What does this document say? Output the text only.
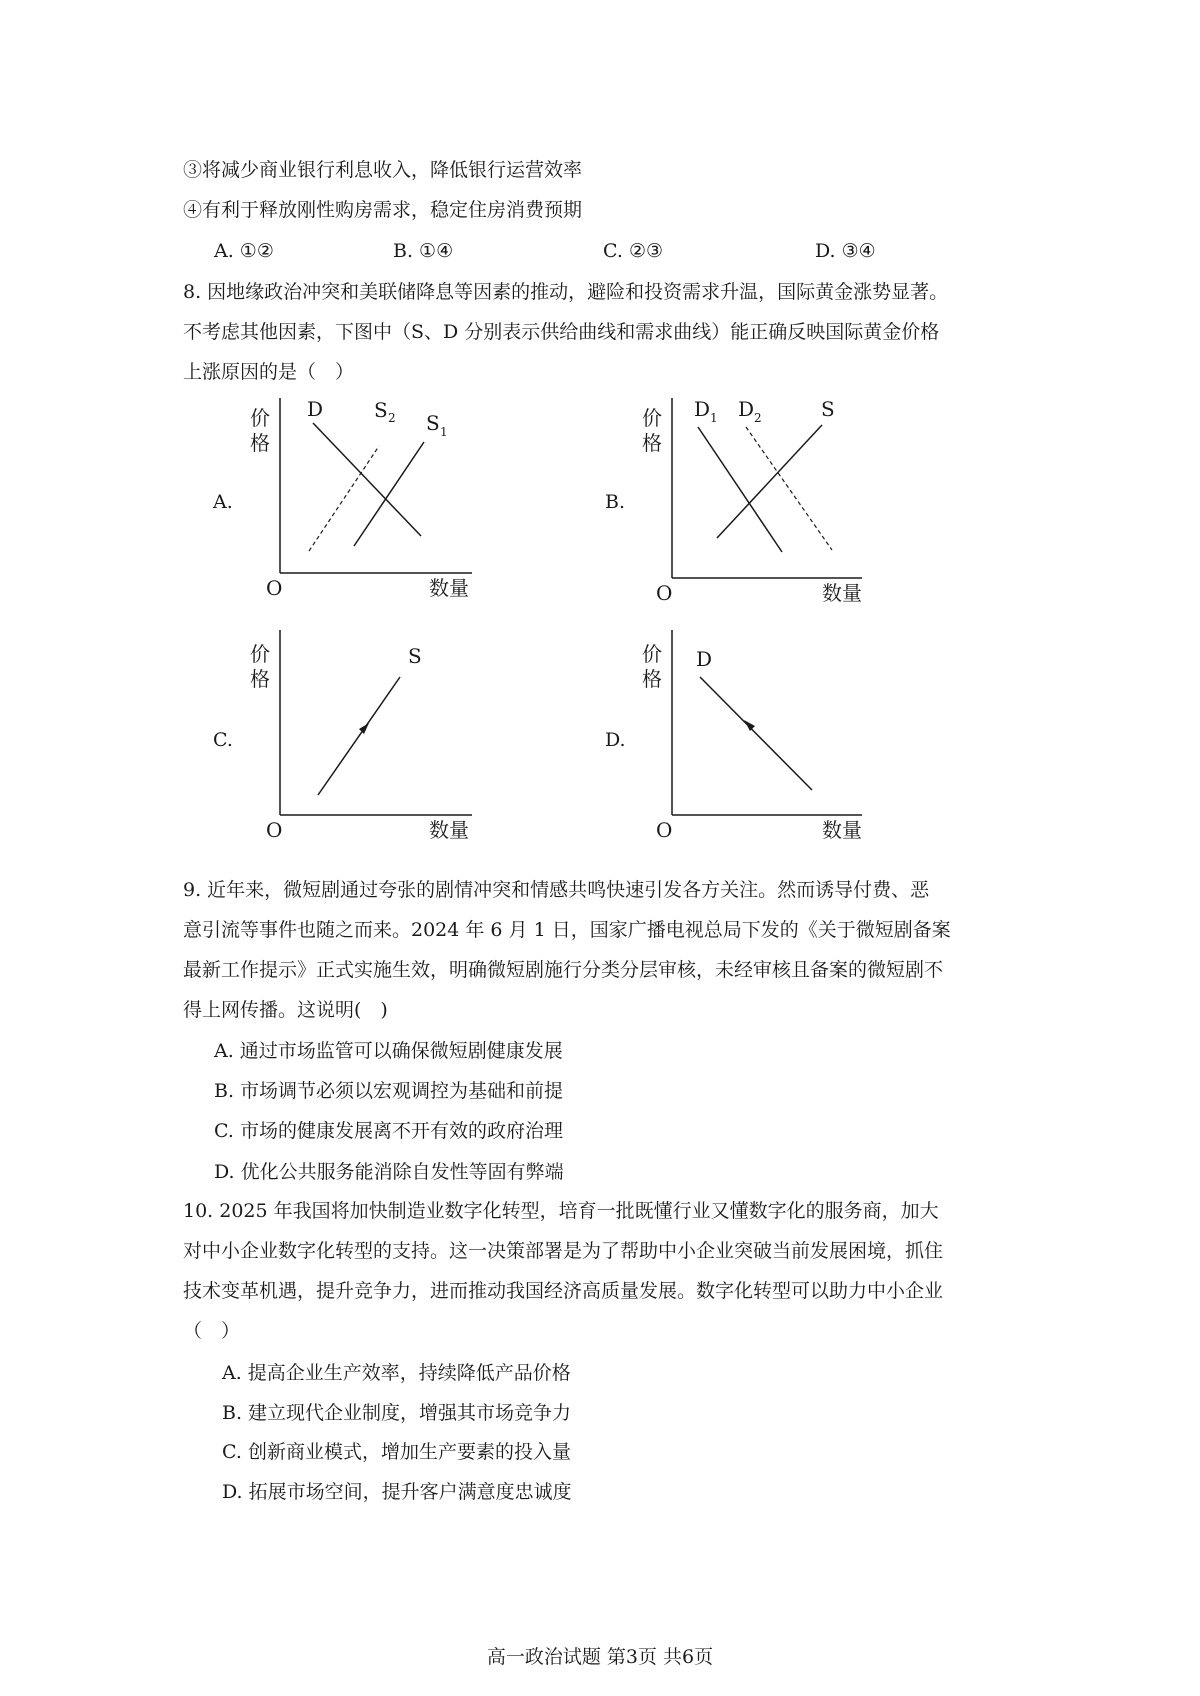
③将减少商业银行利息收入，降低银行运营效率
④有利于释放刚性购房需求，稳定住房消费预期
A. ①②	B. ①④	C. ②③	D. ③④
8. 因地缘政治冲突和美联储降息等因素的推动，避险和投资需求升温，国际黄金涨势显著。
不考虑其他因素，下图中（S、D 分别表示供给曲线和需求曲线）能正确反映国际黄金价格
上涨原因的是（　）
A.	B.
C.	D.
价
格
O	数量
D	S 2 S 1
价
格
O	数量
D 1 D 2	S
价
格
O	数量
S	价
格
O	数量
D
9. 近年来，微短剧通过夸张的剧情冲突和情感共鸣快速引发各方关注。然而诱导付费、恶
意引流等事件也随之而来。2024 年 6 月 1 日，国家广播电视总局下发的《关于微短剧备案
最新工作提示》正式实施生效，明确微短剧施行分类分层审核，未经审核且备案的微短剧不
得上网传播。这说明(　)
A. 通过市场监管可以确保微短剧健康发展
B. 市场调节必须以宏观调控为基础和前提
C. 市场的健康发展离不开有效的政府治理
D. 优化公共服务能消除自发性等固有弊端
10. 2025 年我国将加快制造业数字化转型，培育一批既懂行业又懂数字化的服务商，加大
对中小企业数字化转型的支持。这一决策部署是为了帮助中小企业突破当前发展困境，抓住
技术变革机遇，提升竞争力，进而推动我国经济高质量发展。数字化转型可以助力中小企业
（　）
A. 提高企业生产效率，持续降低产品价格
B. 建立现代企业制度，增强其市场竞争力
C. 创新商业模式，增加生产要素的投入量
D. 拓展市场空间，提升客户满意度忠诚度
高一政治试题 第3页 共6页
